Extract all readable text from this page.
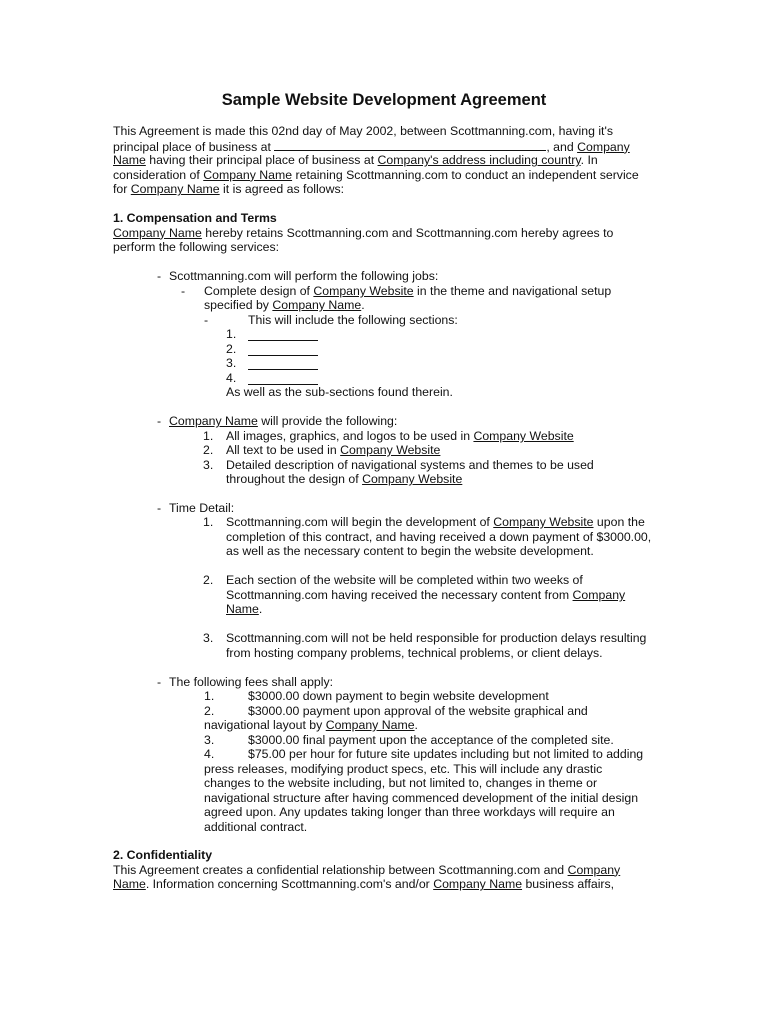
Sample Website Development Agreement
This Agreement is made this 02nd day of May 2002, between Scottmanning.com, having it's
principal place of business at	, and Company
Name having their principal place of business at Company's address including country. In
consideration of Company Name retaining Scottmanning.com to conduct an independent service
for Company Name it is agreed as follows:
1. Compensation and Terms
Company Name hereby retains Scottmanning.com and Scottmanning.com hereby agrees to
perform the following services:
- Scottmanning.com will perform the following jobs:
- Complete design of Company Website in the theme and navigational setup
specified by Company Name.
-	This will include the following sections:
1.
2.
3.
4.
As well as the sub-sections found therein.
- Company Name will provide the following:
1. All images, graphics, and logos to be used in Company Website
2. All text to be used in Company Website
3. Detailed description of navigational systems and themes to be used
throughout the design of Company Website
- Time Detail:
1. Scottmanning.com will begin the development of Company Website upon the
completion of this contract, and having received a down payment of $3000.00,
as well as the necessary content to begin the website development.
2. Each section of the website will be completed within two weeks of
Scottmanning.com having received the necessary content from Company
Name.
3. Scottmanning.com will not be held responsible for production delays resulting
from hosting company problems, technical problems, or client delays.
- The following fees shall apply:
1.	$3000.00 down payment to begin website development
2.	$3000.00 payment upon approval of the website graphical and
navigational layout by Company Name.
3.	$3000.00 final payment upon the acceptance of the completed site.
4.	$75.00 per hour for future site updates including but not limited to adding
press releases, modifying product specs, etc. This will include any drastic
changes to the website including, but not limited to, changes in theme or
navigational structure after having commenced development of the initial design
agreed upon. Any updates taking longer than three workdays will require an
additional contract.
2. Confidentiality
This Agreement creates a confidential relationship between Scottmanning.com and Company
Name. Information concerning Scottmanning.com's and/or Company Name business affairs,
